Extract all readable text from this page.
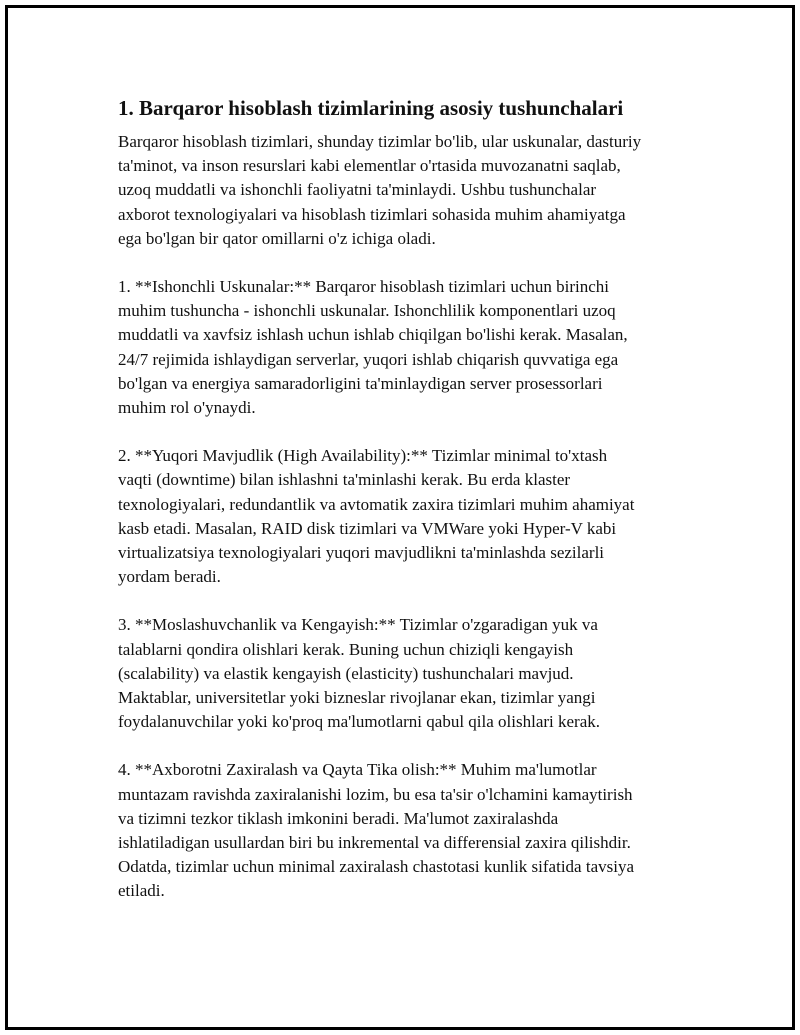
1. Barqaror hisoblash tizimlarining asosiy tushunchalari

Barqaror hisoblash tizimlari, shunday tizimlar bo'lib, ular uskunalar, dasturiy
ta'minot, va inson resurslari kabi elementlar o'rtasida muvozanatni saqlab,
uzoq muddatli va ishonchli faoliyatni ta'minlaydi. Ushbu tushunchalar
axborot texnologiyalari va hisoblash tizimlari sohasida muhim ahamiyatga
ega bo'lgan bir qator omillarni o'z ichiga oladi.

1. **Ishonchli Uskunalar:** Barqaror hisoblash tizimlari uchun birinchi
muhim tushuncha - ishonchli uskunalar. Ishonchlilik komponentlari uzoq
muddatli va xavfsiz ishlash uchun ishlab chiqilgan bo'lishi kerak. Masalan,
24/7 rejimida ishlaydigan serverlar, yuqori ishlab chiqarish quvvatiga ega
bo'lgan va energiya samaradorligini ta'minlaydigan server prosessorlari
muhim rol o'ynaydi.

2. **Yuqori Mavjudlik (High Availability):** Tizimlar minimal to'xtash
vaqti (downtime) bilan ishlashni ta'minlashi kerak. Bu erda klaster
texnologiyalari, redundantlik va avtomatik zaxira tizimlari muhim ahamiyat
kasb etadi. Masalan, RAID disk tizimlari va VMWare yoki Hyper-V kabi
virtualizatsiya texnologiyalari yuqori mavjudlikni ta'minlashda sezilarli
yordam beradi.

3. **Moslashuvchanlik va Kengayish:** Tizimlar o'zgaradigan yuk va
talablarni qondira olishlari kerak. Buning uchun chiziqli kengayish
(scalability) va elastik kengayish (elasticity) tushunchalari mavjud.
Maktablar, universitetlar yoki bizneslar rivojlanar ekan, tizimlar yangi
foydalanuvchilar yoki ko'proq ma'lumotlarni qabul qila olishlari kerak.

4. **Axborotni Zaxiralash va Qayta Tika olish:** Muhim ma'lumotlar
muntazam ravishda zaxiralanishi lozim, bu esa ta'sir o'lchamini kamaytirish
va tizimni tezkor tiklash imkonini beradi. Ma'lumot zaxiralashda
ishlatiladigan usullardan biri bu inkremental va differensial zaxira qilishdir.
Odatda, tizimlar uchun minimal zaxiralash chastotasi kunlik sifatida tavsiya
etiladi.
